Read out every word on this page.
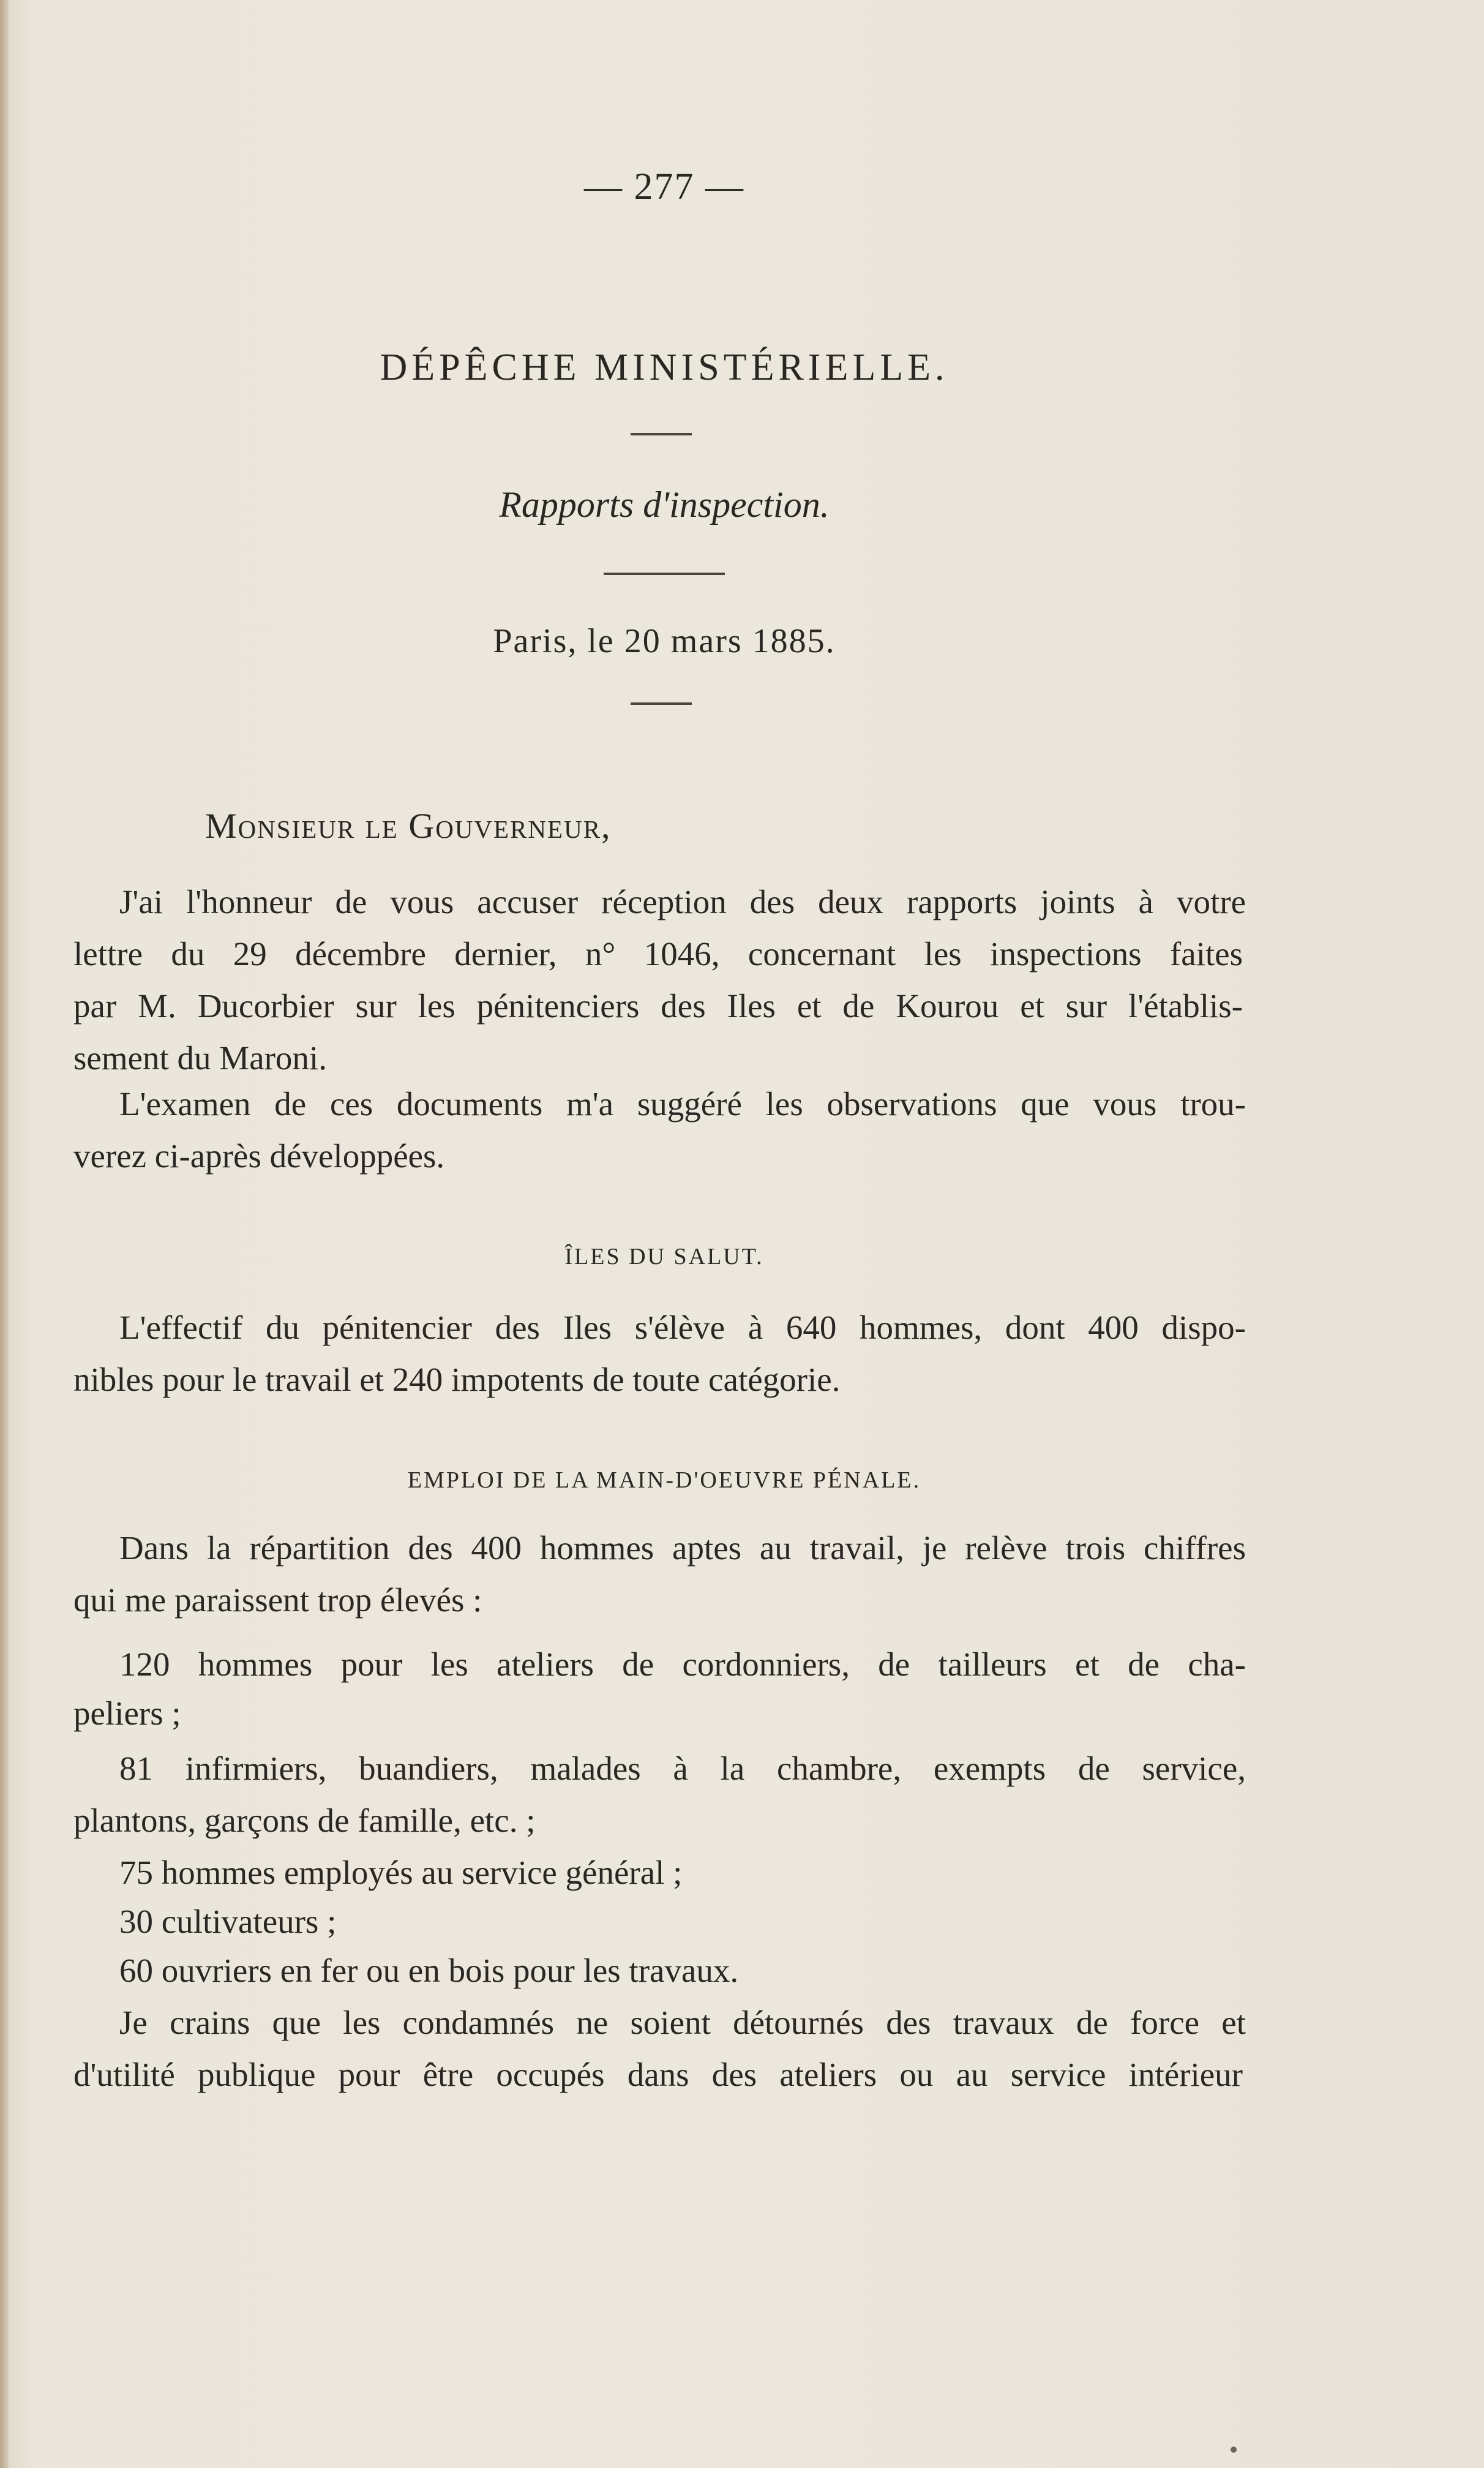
— 277 —
DÉPÊCHE MINISTÉRIELLE.
Rapports d'inspection.
Paris, le 20 mars 1885.
Monsieur le Gouverneur,
J'ai l'honneur de vous accuser réception des deux rapports joints à votre
lettre du 29 décembre dernier, n° 1046, concernant les inspections faites
par M. Ducorbier sur les pénitenciers des Iles et de Kourou et sur l'établis-
sement du Maroni.
L'examen de ces documents m'a suggéré les observations que vous trou-
verez ci-après développées.
ÎLES DU SALUT.
L'effectif du pénitencier des Iles s'élève à 640 hommes, dont 400 dispo-
nibles pour le travail et 240 impotents de toute catégorie.
EMPLOI DE LA MAIN-D'OEUVRE PÉNALE.
Dans la répartition des 400 hommes aptes au travail, je relève trois chiffres
qui me paraissent trop élevés :
120 hommes pour les ateliers de cordonniers, de tailleurs et de cha-
peliers ;
81 infirmiers, buandiers, malades à la chambre, exempts de service,
plantons, garçons de famille, etc. ;
75 hommes employés au service général ;
30 cultivateurs ;
60 ouvriers en fer ou en bois pour les travaux.
Je crains que les condamnés ne soient détournés des travaux de force et
d'utilité publique pour être occupés dans des ateliers ou au service intérieur
